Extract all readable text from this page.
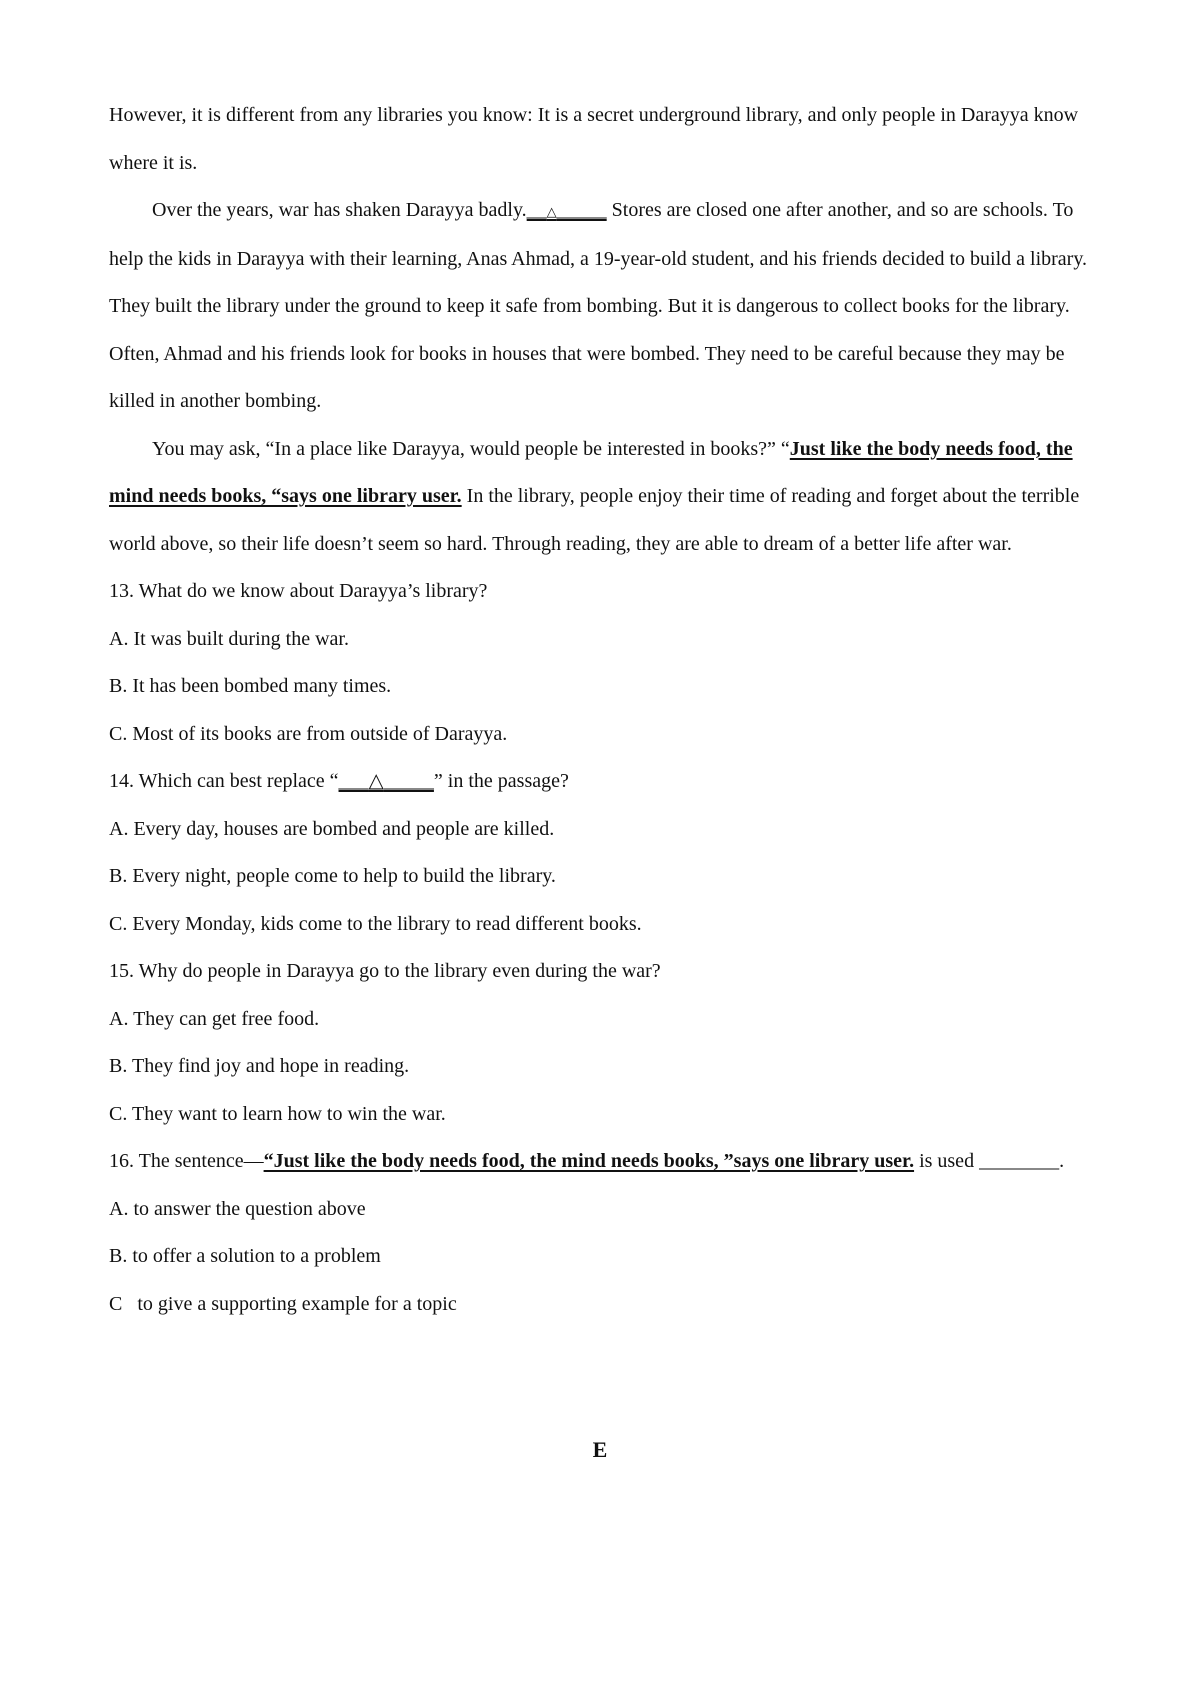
However, it is different from any libraries you know: It is a secret underground library, and only people in Darayya know where it is.

Over the years, war has shaken Darayya badly.__△_____ Stores are closed one after another, and so are schools. To help the kids in Darayya with their learning, Anas Ahmad, a 19-year-old student, and his friends decided to build a library. They built the library under the ground to keep it safe from bombing. But it is dangerous to collect books for the library. Often, Ahmad and his friends look for books in houses that were bombed. They need to be careful because they may be killed in another bombing.

You may ask, “In a place like Darayya, would people be interested in books?” “Just like the body needs food, the mind needs books, “says one library user. In the library, people enjoy their time of reading and forget about the terrible world above, so their life doesn’t seem so hard. Through reading, they are able to dream of a better life after war.

13. What do we know about Darayya’s library?

A. It was built during the war.

B. It has been bombed many times.

C. Most of its books are from outside of Darayya.

14. Which can best replace “___△_____” in the passage?

A. Every day, houses are bombed and people are killed.

B. Every night, people come to help to build the library.

C. Every Monday, kids come to the library to read different books.

15. Why do people in Darayya go to the library even during the war?

A. They can get free food.

B. They find joy and hope in reading.

C. They want to learn how to win the war.

16. The sentence—“Just like the body needs food, the mind needs books, ”says one library user. is used ________.

A. to answer the question above

B. to offer a solution to a problem

C   to give a supporting example for a topic

E
